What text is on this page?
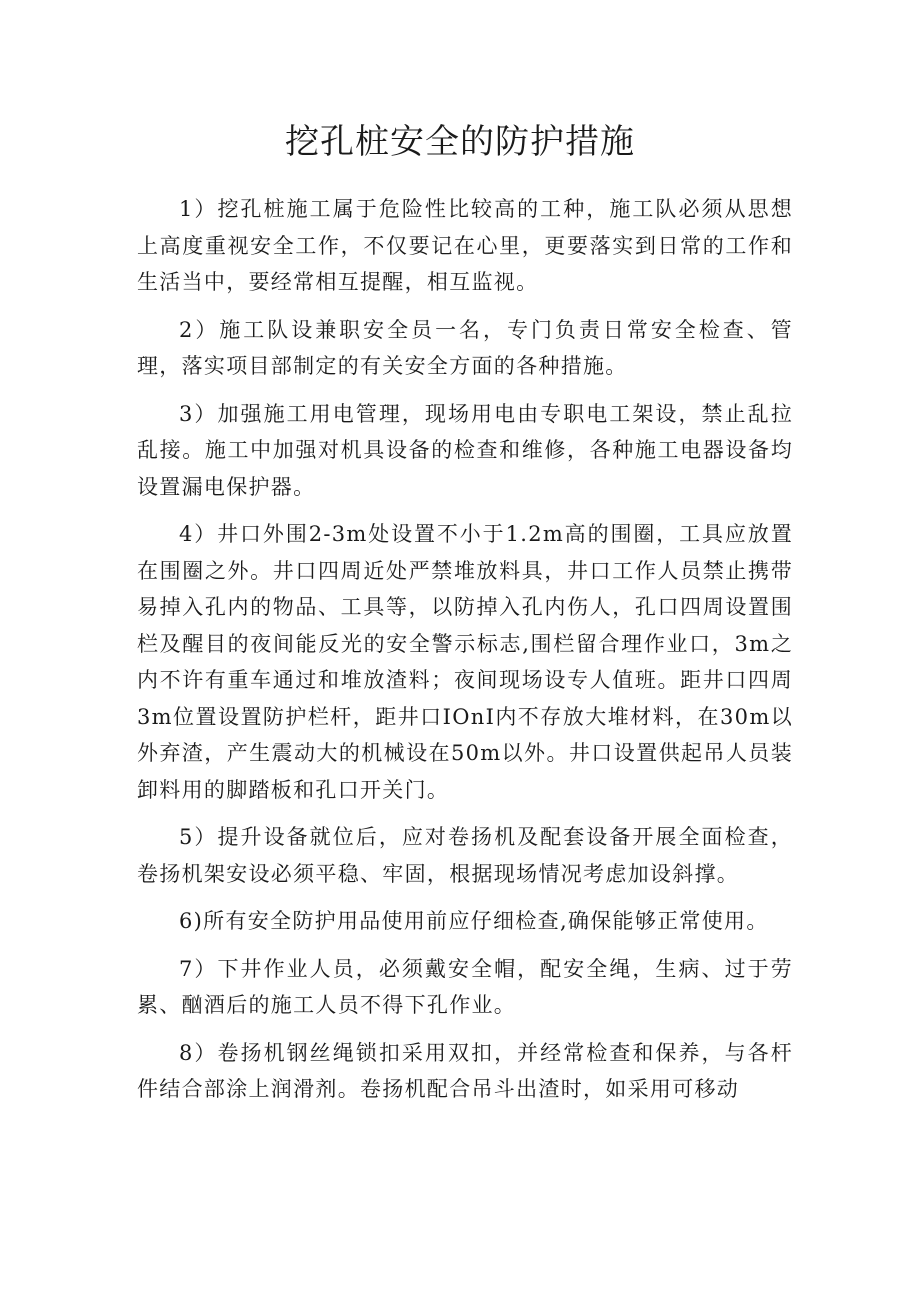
挖孔桩安全的防护措施

1）挖孔桩施工属于危险性比较高的工种，施工队必须从思想上高度重视安全工作，不仅要记在心里，更要落实到日常的工作和生活当中，要经常相互提醒，相互监视。

2）施工队设兼职安全员一名，专门负责日常安全检查、管理，落实项目部制定的有关安全方面的各种措施。

3）加强施工用电管理，现场用电由专职电工架设，禁止乱拉乱接。施工中加强对机具设备的检查和维修，各种施工电器设备均设置漏电保护器。

4）井口外围2-3m处设置不小于1.2m高的围圈，工具应放置在围圈之外。井口四周近处严禁堆放料具，井口工作人员禁止携带易掉入孔内的物品、工具等，以防掉入孔内伤人，孔口四周设置围栏及醒目的夜间能反光的安全警示标志,围栏留合理作业口，3m之内不许有重车通过和堆放渣料；夜间现场设专人值班。距井口四周3m位置设置防护栏杆，距井口IOnI内不存放大堆材料，在30m以外弃渣，产生震动大的机械设在50m以外。井口设置供起吊人员装卸料用的脚踏板和孔口开关门。

5）提升设备就位后，应对卷扬机及配套设备开展全面检查，卷扬机架安设必须平稳、牢固，根据现场情况考虑加设斜撑。

6)所有安全防护用品使用前应仔细检查,确保能够正常使用。

7）下井作业人员，必须戴安全帽，配安全绳，生病、过于劳累、酗酒后的施工人员不得下孔作业。

8）卷扬机钢丝绳锁扣采用双扣，并经常检查和保养，与各杆件结合部涂上润滑剂。卷扬机配合吊斗出渣时，如采用可移动
